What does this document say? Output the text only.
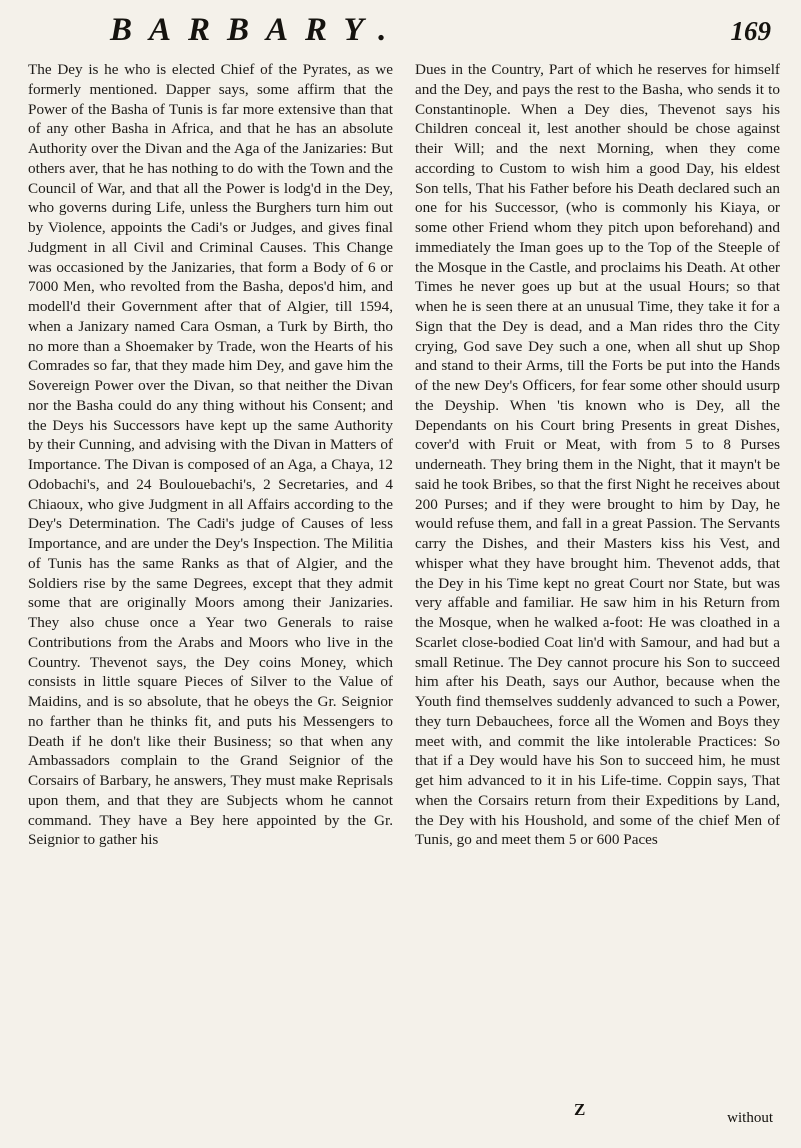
BARBARY.	169

The Dey is he who is elected Chief of the Pyrates, as we formerly mentioned. Dapper says, some affirm that the Power of the Basha of Tunis is far more extensive than that of any other Basha in Africa, and that he has an absolute Authority over the Divan and the Aga of the Janizaries: But others aver, that he has nothing to do with the Town and the Council of War, and that all the Power is lodg'd in the Dey, who governs during Life, unless the Burghers turn him out by Violence, appoints the Cadi's or Judges, and gives final Judgment in all Civil and Criminal Causes. This Change was occasioned by the Janizaries, that form a Body of 6 or 7000 Men, who revolted from the Basha, depos'd him, and modell'd their Government after that of Algier, till 1594, when a Janizary named Cara Osman, a Turk by Birth, tho no more than a Shoemaker by Trade, won the Hearts of his Comrades so far, that they made him Dey, and gave him the Sovereign Power over the Divan, so that neither the Divan nor the Basha could do any thing without his Consent; and the Deys his Successors have kept up the same Authority by their Cunning, and advising with the Divan in Matters of Importance. The Divan is composed of an Aga, a Chaya, 12 Odobachi's, and 24 Boulouebachi's, 2 Secretaries, and 4 Chiaoux, who give Judgment in all Affairs according to the Dey's Determination. The Cadi's judge of Causes of less Importance, and are under the Dey's Inspection. The Militia of Tunis has the same Ranks as that of Algier, and the Soldiers rise by the same Degrees, except that they admit some that are originally Moors among their Janizaries. They also chuse once a Year two Generals to raise Contributions from the Arabs and Moors who live in the Country. Thevenot says, the Dey coins Money, which consists in little square Pieces of Silver to the Value of Maidins, and is so absolute, that he obeys the Gr. Seignior no farther than he thinks fit, and puts his Messengers to Death if he don't like their Business; so that when any Ambassadors complain to the Grand Seignior of the Corsairs of Barbary, he answers, They must make Reprisals upon them, and that they are Subjects whom he cannot command. They have a Bey here appointed by the Gr. Seignior to gather his

Dues in the Country, Part of which he reserves for himself and the Dey, and pays the rest to the Basha, who sends it to Constantinople. When a Dey dies, Thevenot says his Children conceal it, lest another should be chose against their Will; and the next Morning, when they come according to Custom to wish him a good Day, his eldest Son tells, That his Father before his Death declared such an one for his Successor, (who is commonly his Kiaya, or some other Friend whom they pitch upon beforehand) and immediately the Iman goes up to the Top of the Steeple of the Mosque in the Castle, and proclaims his Death. At other Times he never goes up but at the usual Hours; so that when he is seen there at an unusual Time, they take it for a Sign that the Dey is dead, and a Man rides thro the City crying, God save Dey such a one, when all shut up Shop and stand to their Arms, till the Forts be put into the Hands of the new Dey's Officers, for fear some other should usurp the Deyship. When 'tis known who is Dey, all the Dependants on his Court bring Presents in great Dishes, cover'd with Fruit or Meat, with from 5 to 8 Purses underneath. They bring them in the Night, that it mayn't be said he took Bribes, so that the first Night he receives about 200 Purses; and if they were brought to him by Day, he would refuse them, and fall in a great Passion. The Servants carry the Dishes, and their Masters kiss his Vest, and whisper what they have brought him. Thevenot adds, that the Dey in his Time kept no great Court nor State, but was very affable and familiar. He saw him in his Return from the Mosque, when he walked a-foot: He was cloathed in a Scarlet close-bodied Coat lin'd with Samour, and had but a small Retinue. The Dey cannot procure his Son to succeed him after his Death, says our Author, because when the Youth find themselves suddenly advanced to such a Power, they turn Debauchees, force all the Women and Boys they meet with, and commit the like intolerable Practices: So that if a Dey would have his Son to succeed him, he must get him advanced to it in his Life-time. Coppin says, That when the Corsairs return from their Expeditions by Land, the Dey with his Houshold, and some of the chief Men of Tunis, go and meet them 5 or 600 Paces

Z	without
